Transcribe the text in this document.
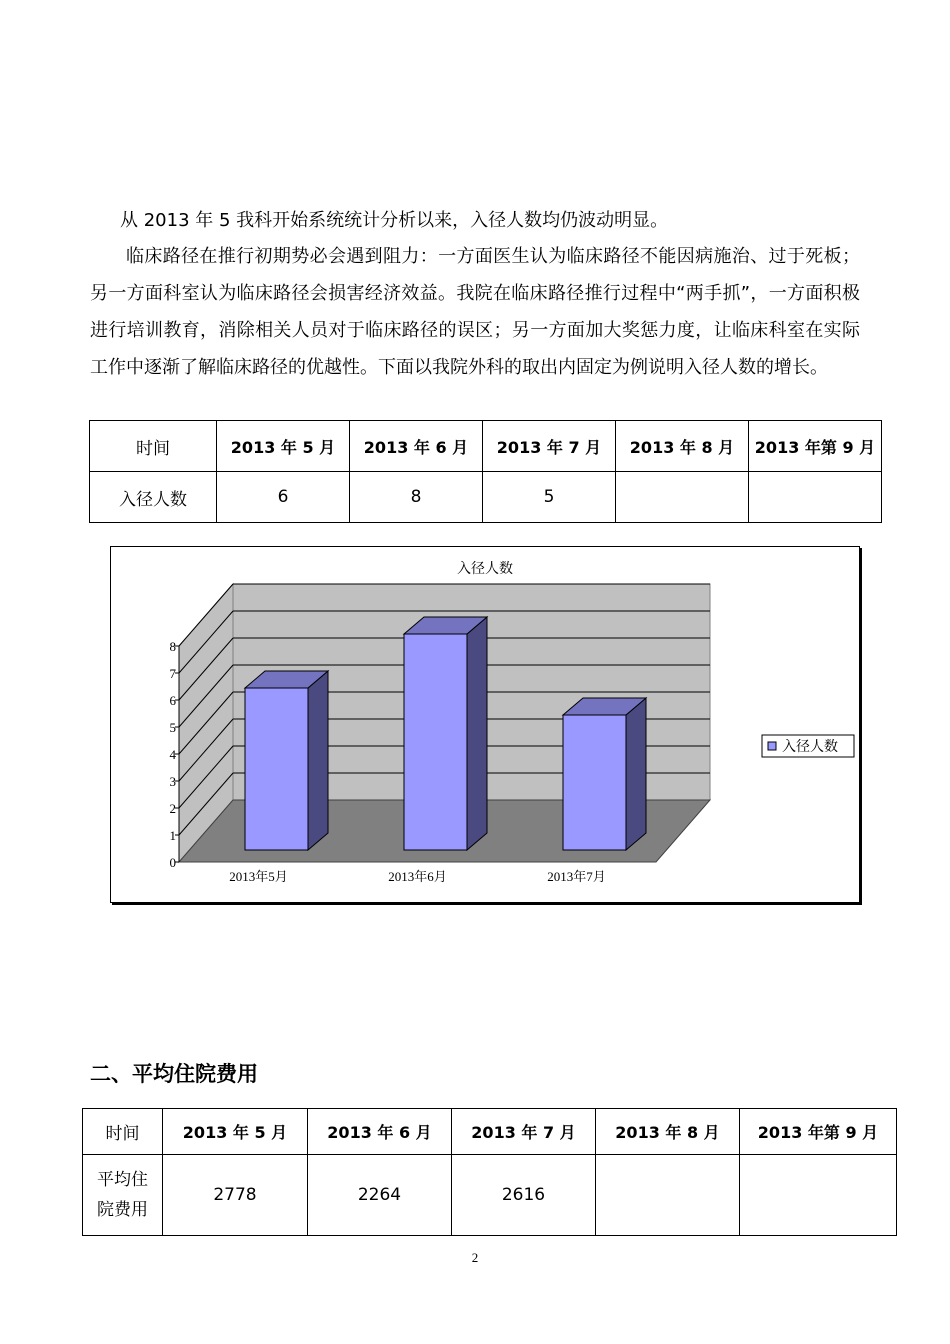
从 2013 年 5 我科开始系统统计分析以来，入径人数均仍波动明显。
临床路径在推行初期势必会遇到阻力：一方面医生认为临床路径不能因病施治、过于死板；另一方面科室认为临床路径会损害经济效益。我院在临床路径推行过程中“两手抓”，一方面积极进行培训教育，消除相关人员对于临床路径的误区；另一方面加大奖惩力度，让临床科室在实际工作中逐渐了解临床路径的优越性。下面以我院外科的取出内固定为例说明入径人数的增长。
时间	2013 年 5 月	2013 年 6 月	2013 年 7 月	2013 年 8 月	2013 年第 9 月
入径人数	6	8	5		
入径人数
0
1
2
3
4
5
6
7
8
2013年5月	2013年6月	2013年7月
入径人数
二、平均住院费用
时间	2013 年 5 月	2013 年 6 月	2013 年 7 月	2013 年 8 月	2013 年第 9 月
平均住
院费用	2778	2264	2616		
2
